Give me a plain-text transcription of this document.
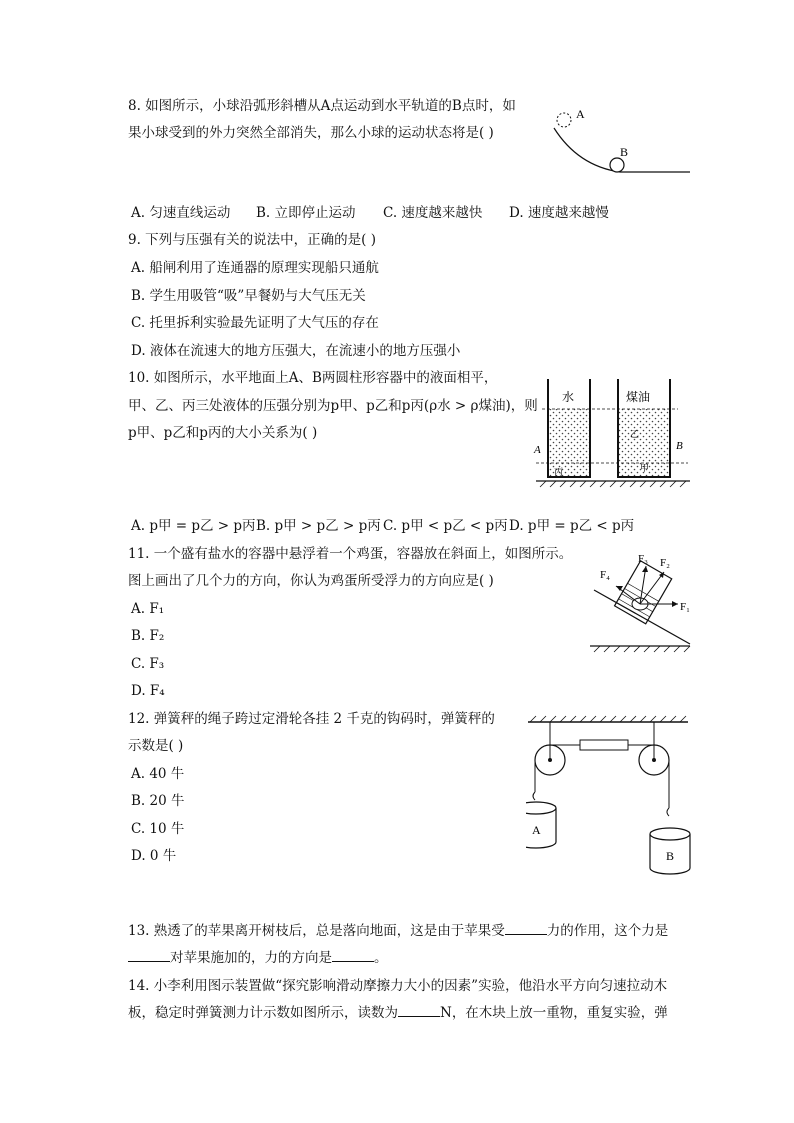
8. 如图所示，小球沿弧形斜槽从A点运动到水平轨道的B点时，如
果小球受到的外力突然全部消失，那么小球的运动状态将是( )
A
B
A. 匀速直线运动 B. 立即停止运动 C. 速度越来越快 D. 速度越来越慢
9. 下列与压强有关的说法中，正确的是( )
A. 船闸利用了连通器的原理实现船只通航
B. 学生用吸管“吸”早餐奶与大气压无关
C. 托里拆利实验最先证明了大气压的存在
D. 液体在流速大的地方压强大，在流速小的地方压强小
10. 如图所示，水平地面上A、B两圆柱形容器中的液面相平，
甲、乙、丙三处液体的压强分别为p甲、p乙和p丙(ρ水 > ρ煤油)，则
p甲、p乙和p丙的大小关系为( )
水	煤油
A	B
丙
乙
甲
A. p甲 = p乙 > p丙 B. p甲 > p乙 > p丙 C. p甲 < p乙 < p丙 D. p甲 = p乙 < p丙
11. 一个盛有盐水的容器中悬浮着一个鸡蛋，容器放在斜面上，如图所示。
图上画出了几个力的方向，你认为鸡蛋所受浮力的方向应是( )
A. F₁
B. F₂
C. F₃
D. F₄
F₁
F₂
F₃
F₄
12. 弹簧秤的绳子跨过定滑轮各挂 2 千克的钩码时，弹簧秤的
示数是( )
A. 40 牛
B. 20 牛
C. 10 牛
D. 0 牛
A
B
13. 熟透了的苹果离开树枝后，总是落向地面，这是由于苹果受	力的作用，这个力是
对苹果施加的，力的方向是	。
14. 小李利用图示装置做“探究影响滑动摩擦力大小的因素”实验，他沿水平方向匀速拉动木
板，稳定时弹簧测力计示数如图所示，读数为	N，在木块上放一重物，重复实验，弹
